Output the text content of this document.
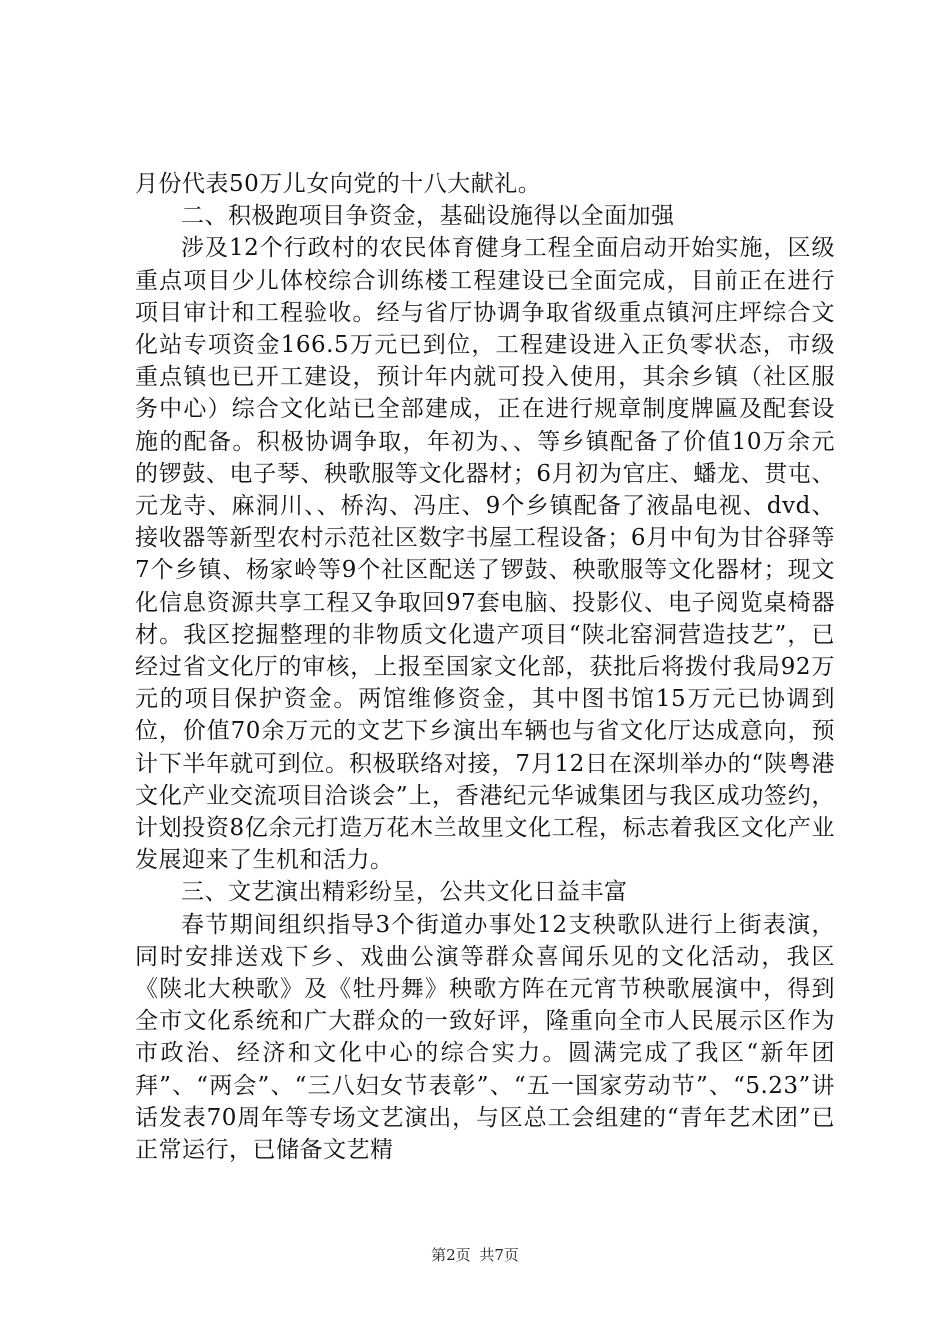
月份代表50万儿女向党的十八大献礼。

二、积极跑项目争资金，基础设施得以全面加强

涉及12个行政村的农民体育健身工程全面启动开始实施，区级重点项目少儿体校综合训练楼工程建设已全面完成，目前正在进行项目审计和工程验收。经与省厅协调争取省级重点镇河庄坪综合文化站专项资金166.5万元已到位，工程建设进入正负零状态，市级重点镇也已开工建设，预计年内就可投入使用，其余乡镇（社区服务中心）综合文化站已全部建成，正在进行规章制度牌匾及配套设施的配备。积极协调争取，年初为、、等乡镇配备了价值10万余元的锣鼓、电子琴、秧歌服等文化器材；6月初为官庄、蟠龙、贯屯、元龙寺、麻洞川、、桥沟、冯庄、9个乡镇配备了液晶电视、dvd、接收器等新型农村示范社区数字书屋工程设备；6月中旬为甘谷驿等7个乡镇、杨家岭等9个社区配送了锣鼓、秧歌服等文化器材；现文化信息资源共享工程又争取回97套电脑、投影仪、电子阅览桌椅器材。我区挖掘整理的非物质文化遗产项目“陕北窑洞营造技艺”，已经过省文化厅的审核，上报至国家文化部，获批后将拨付我局92万元的项目保护资金。两馆维修资金，其中图书馆15万元已协调到位，价值70余万元的文艺下乡演出车辆也与省文化厅达成意向，预计下半年就可到位。积极联络对接，7月12日在深圳举办的“陕粤港文化产业交流项目洽谈会”上，香港纪元华诚集团与我区成功签约，计划投资8亿余元打造万花木兰故里文化工程，标志着我区文化产业发展迎来了生机和活力。

三、文艺演出精彩纷呈，公共文化日益丰富

春节期间组织指导3个街道办事处12支秧歌队进行上街表演，同时安排送戏下乡、戏曲公演等群众喜闻乐见的文化活动，我区《陕北大秧歌》及《牡丹舞》秧歌方阵在元宵节秧歌展演中，得到全市文化系统和广大群众的一致好评，隆重向全市人民展示区作为市政治、经济和文化中心的综合实力。圆满完成了我区“新年团拜”、“两会”、“三八妇女节表彰”、“五一国家劳动节”、“5.23”讲话发表70周年等专场文艺演出，与区总工会组建的“青年艺术团”已正常运行，已储备文艺精

第2页 共7页
